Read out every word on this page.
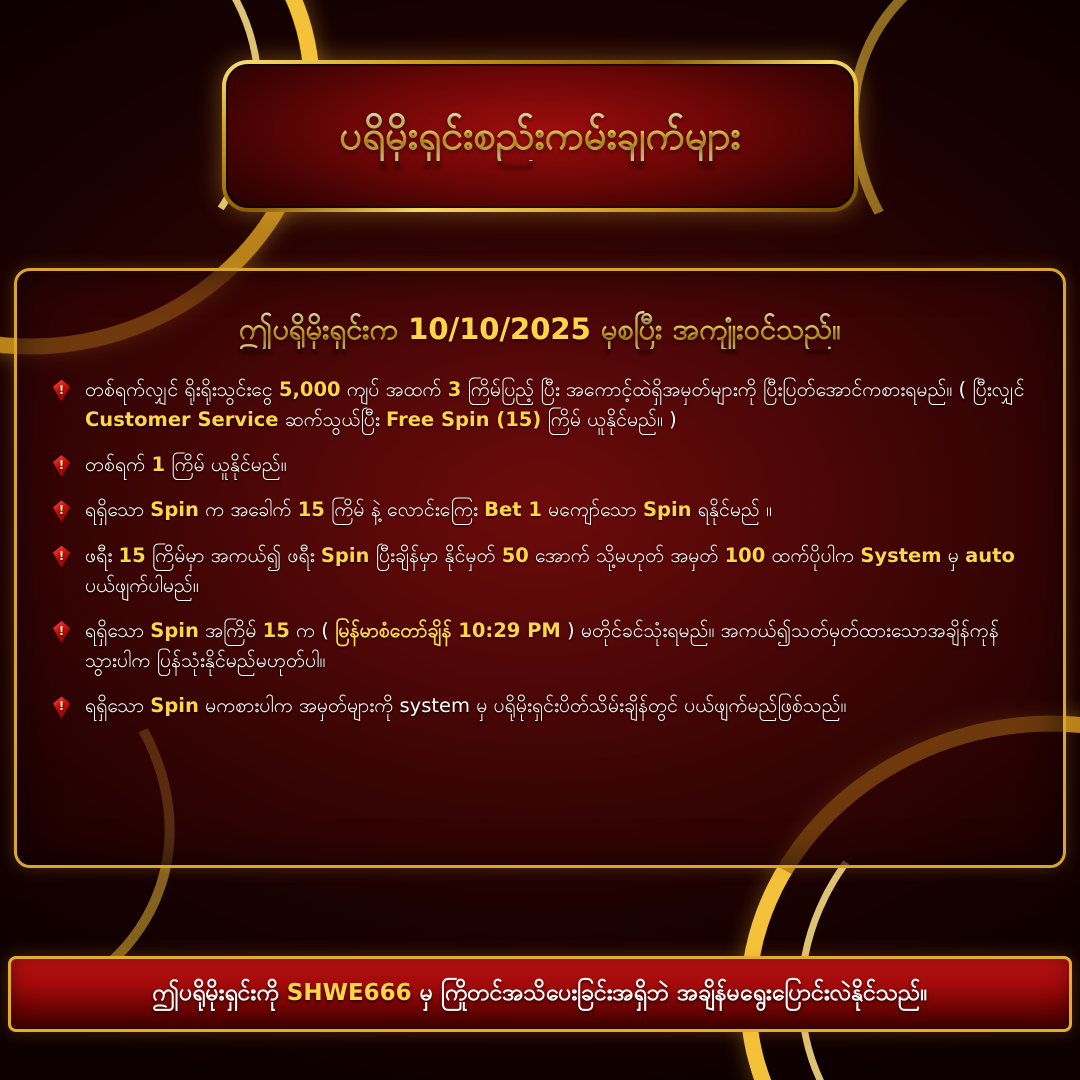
ပရိမိုးရှင်းစည်းကမ်းချက်များ
ဤပရိုမိုးရှင်းက 10/10/2025 မှစပြီး အကျုံးဝင်သည်။
!
တစ်ရက်လျှင် ရိုးရိုးသွင်းငွေ 5,000 ကျပ် အထက် 3 ကြိမ်ပြည့် ပြီး အကောင့်ထဲရှိအမှတ်များကို ပြီးပြတ်အောင်ကစားရမည်။ ( ပြီးလျှင် Customer Service ဆက်သွယ်ပြီး Free Spin (15) ကြိမ် ယူနိုင်မည်။ )
!
တစ်ရက် 1 ကြိမ် ယူနိုင်မည်။
!
ရရှိသော Spin က အခေါက် 15 ကြိမ် နဲ့ လောင်းကြေး Bet 1 မကျော်သော Spin ရနိုင်မည် ။
!
ဖရီး 15 ကြိမ်မှာ အကယ်၍ ဖရီး Spin ပြီးချိန်မှာ နိုင်မှတ် 50 အောက် သို့မဟုတ် အမှတ် 100 ထက်ပိုပါက System မှ auto ပယ်ဖျက်ပါမည်။
!
ရရှိသော Spin အကြိမ် 15 က ( မြန်မာစံတော်ချိန် 10:29 PM ) မတိုင်ခင်သုံးရမည်။ အကယ်၍သတ်မှတ်ထားသောအချိန်ကုန်သွားပါက ပြန်သုံးနိုင်မည်မဟုတ်ပါ။
!
ရရှိသော Spin မကစားပါက အမှတ်များကို system မှ ပရိုမိုးရှင်းပိတ်သိမ်းချိန်တွင် ပယ်ဖျက်မည်ဖြစ်သည်။
ဤပရိုမိုးရှင်းကို SHWE666 မှ ကြိုတင်အသိပေးခြင်းအရှိဘဲ အချိန်မရွေးပြောင်းလဲနိုင်သည်။
